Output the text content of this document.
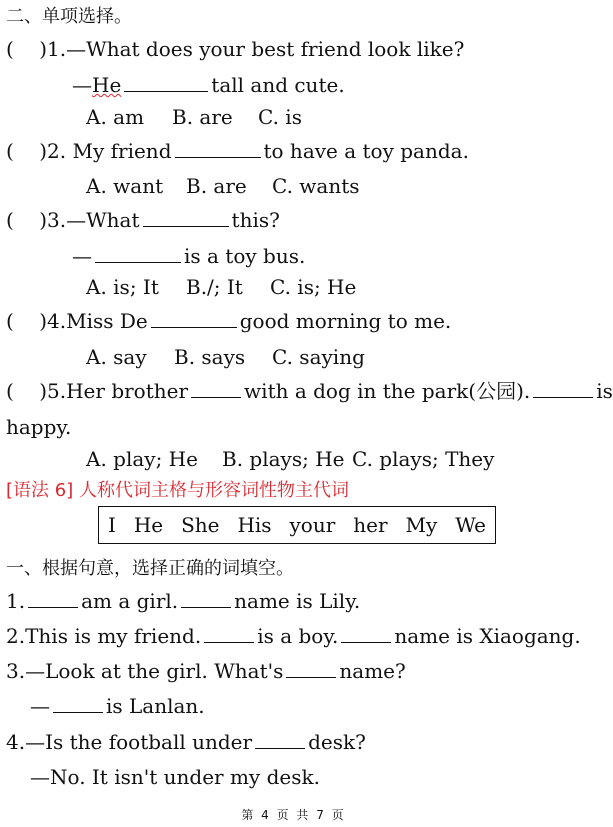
二、单项选择。
(    )1.—What does your best friend look like?
—He	tall and cute.
A. am B. are C. is
(    )2. My friend	to have a toy panda.
A. want B. are C. wants
(    )3.—What	this?
—	is a toy bus.
A. is; It B./; It C. is; He
(    )4.Miss De	good morning to me.
A. say B. says C. saying
(    )5.Her brother	with a dog in the park(公园).	is
happy.
A. play; He B. plays; He C. plays; They
[语法 6] 人称代词主格与形容词性物主代词
I He She His your her My We
一、根据句意，选择正确的词填空。
1.	am a girl.	name is Lily.
2.This is my friend.	is a boy.	name is Xiaogang.
3.—Look at the girl. What's	name?
—	is Lanlan.
4.—Is the football under	desk?
—No. It isn't under my desk.
第 4 页 共 7 页
